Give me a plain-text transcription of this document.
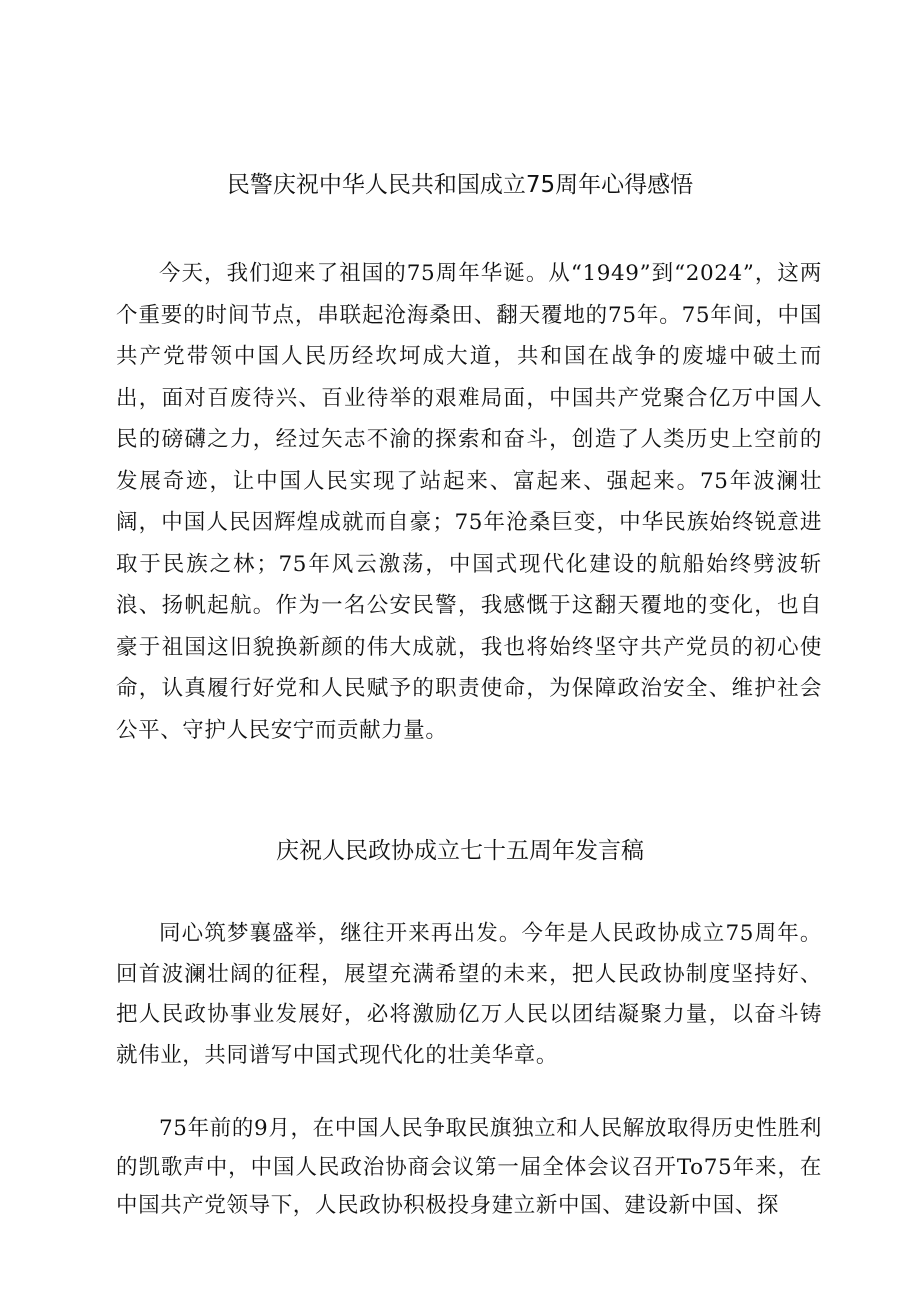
民警庆祝中华人民共和国成立75周年心得感悟

今天，我们迎来了祖国的75周年华诞。从“1949”到“2024”，这两个重要的时间节点，串联起沧海桑田、翻天覆地的75年。75年间，中国共产党带领中国人民历经坎坷成大道，共和国在战争的废墟中破土而出，面对百废待兴、百业待举的艰难局面，中国共产党聚合亿万中国人民的磅礴之力，经过矢志不渝的探索和奋斗，创造了人类历史上空前的发展奇迹，让中国人民实现了站起来、富起来、强起来。75年波澜壮阔，中国人民因辉煌成就而自豪；75年沧桑巨变，中华民族始终锐意进取于民族之林；75年风云激荡，中国式现代化建设的航船始终劈波斩浪、扬帆起航。作为一名公安民警，我感慨于这翻天覆地的变化，也自豪于祖国这旧貌换新颜的伟大成就，我也将始终坚守共产党员的初心使命，认真履行好党和人民赋予的职责使命，为保障政治安全、维护社会公平、守护人民安宁而贡献力量。

庆祝人民政协成立七十五周年发言稿

同心筑梦襄盛举，继往开来再出发。今年是人民政协成立75周年。回首波澜壮阔的征程，展望充满希望的未来，把人民政协制度坚持好、把人民政协事业发展好，必将激励亿万人民以团结凝聚力量，以奋斗铸就伟业，共同谱写中国式现代化的壮美华章。

75年前的9月，在中国人民争取民旗独立和人民解放取得历史性胜利的凯歌声中，中国人民政治协商会议第一届全体会议召开To75年来，在中国共产党领导下，人民政协积极投身建立新中国、建设新中国、探
